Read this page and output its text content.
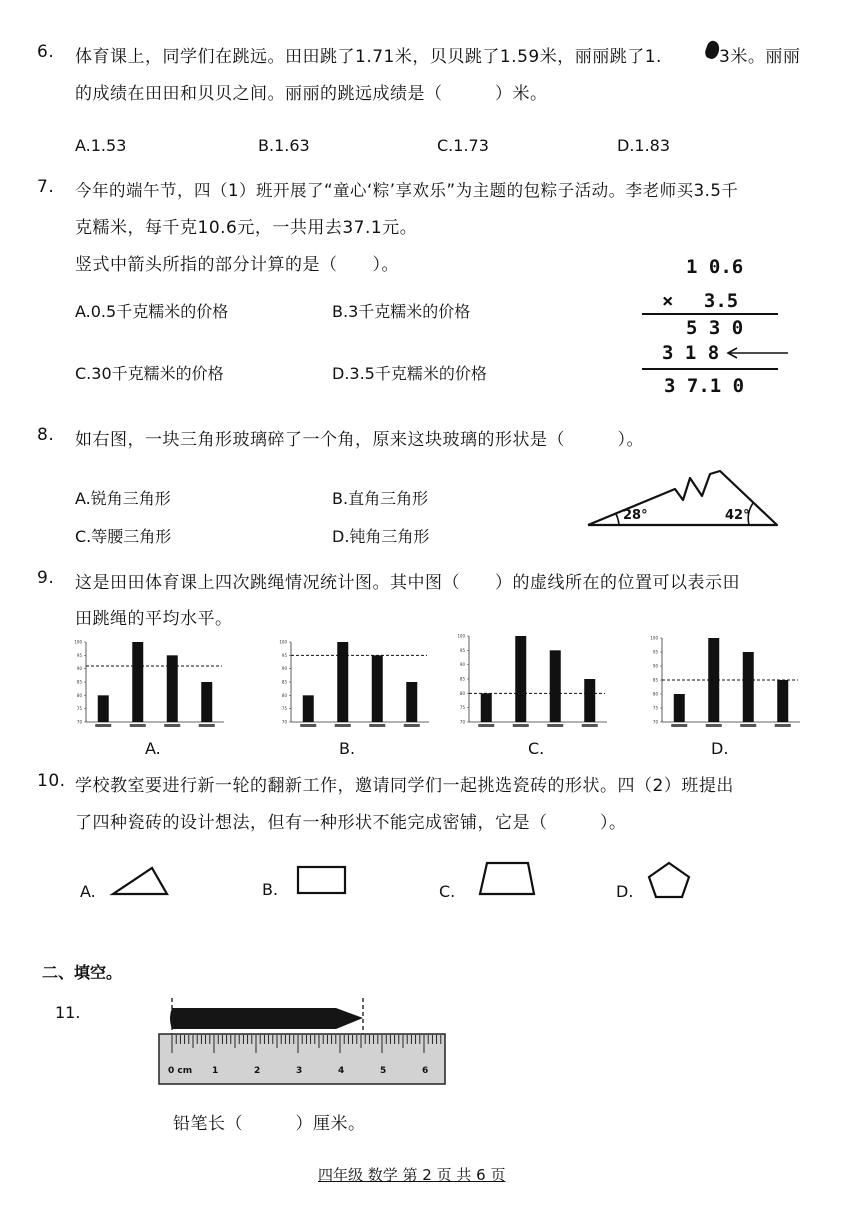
6. 体育课上，同学们在跳远。田田跳了1.71米，贝贝跳了1.59米，丽丽跳了1.	3米。丽丽
的成绩在田田和贝贝之间。丽丽的跳远成绩是（　　　）米。
A.1.53	B.1.63	C.1.73	D.1.83
7. 今年的端午节，四（1）班开展了“童心‘粽’享欢乐”为主题的包粽子活动。李老师买3.5千
克糯米，每千克10.6元，一共用去37.1元。
竖式中箭头所指的部分计算的是（　　）。
A.0.5千克糯米的价格	B.3千克糯米的价格
C.30千克糯米的价格	D.3.5千克糯米的价格
1 0.6
× 　3.5
5 3 0
3 1 8
3 7.1 0
8. 如右图，一块三角形玻璃碎了一个角，原来这块玻璃的形状是（　　　）。
A.锐角三角形	B.直角三角形
C.等腰三角形	D.钝角三角形
28°	42°
9. 这是田田体育课上四次跳绳情况统计图。其中图（　　）的虚线所在的位置可以表示田
田跳绳的平均水平。
70
75
80
85
90
95
100
70
75
80
85
90
95
100
70
75
80
85
90
95
100
70
75
80
85
90
95
100
A.	B.	C.	D.
10. 学校教室要进行新一轮的翻新工作，邀请同学们一起挑选瓷砖的形状。四（2）班提出
了四种瓷砖的设计想法，但有一种形状不能完成密铺，它是（　　　）。
A.	B.	C.	D.
二、填空。
11.
0 cm 1	2	3	4	5	6
铅笔长（　　　）厘米。
四年级 数学 第 2 页 共 6 页
